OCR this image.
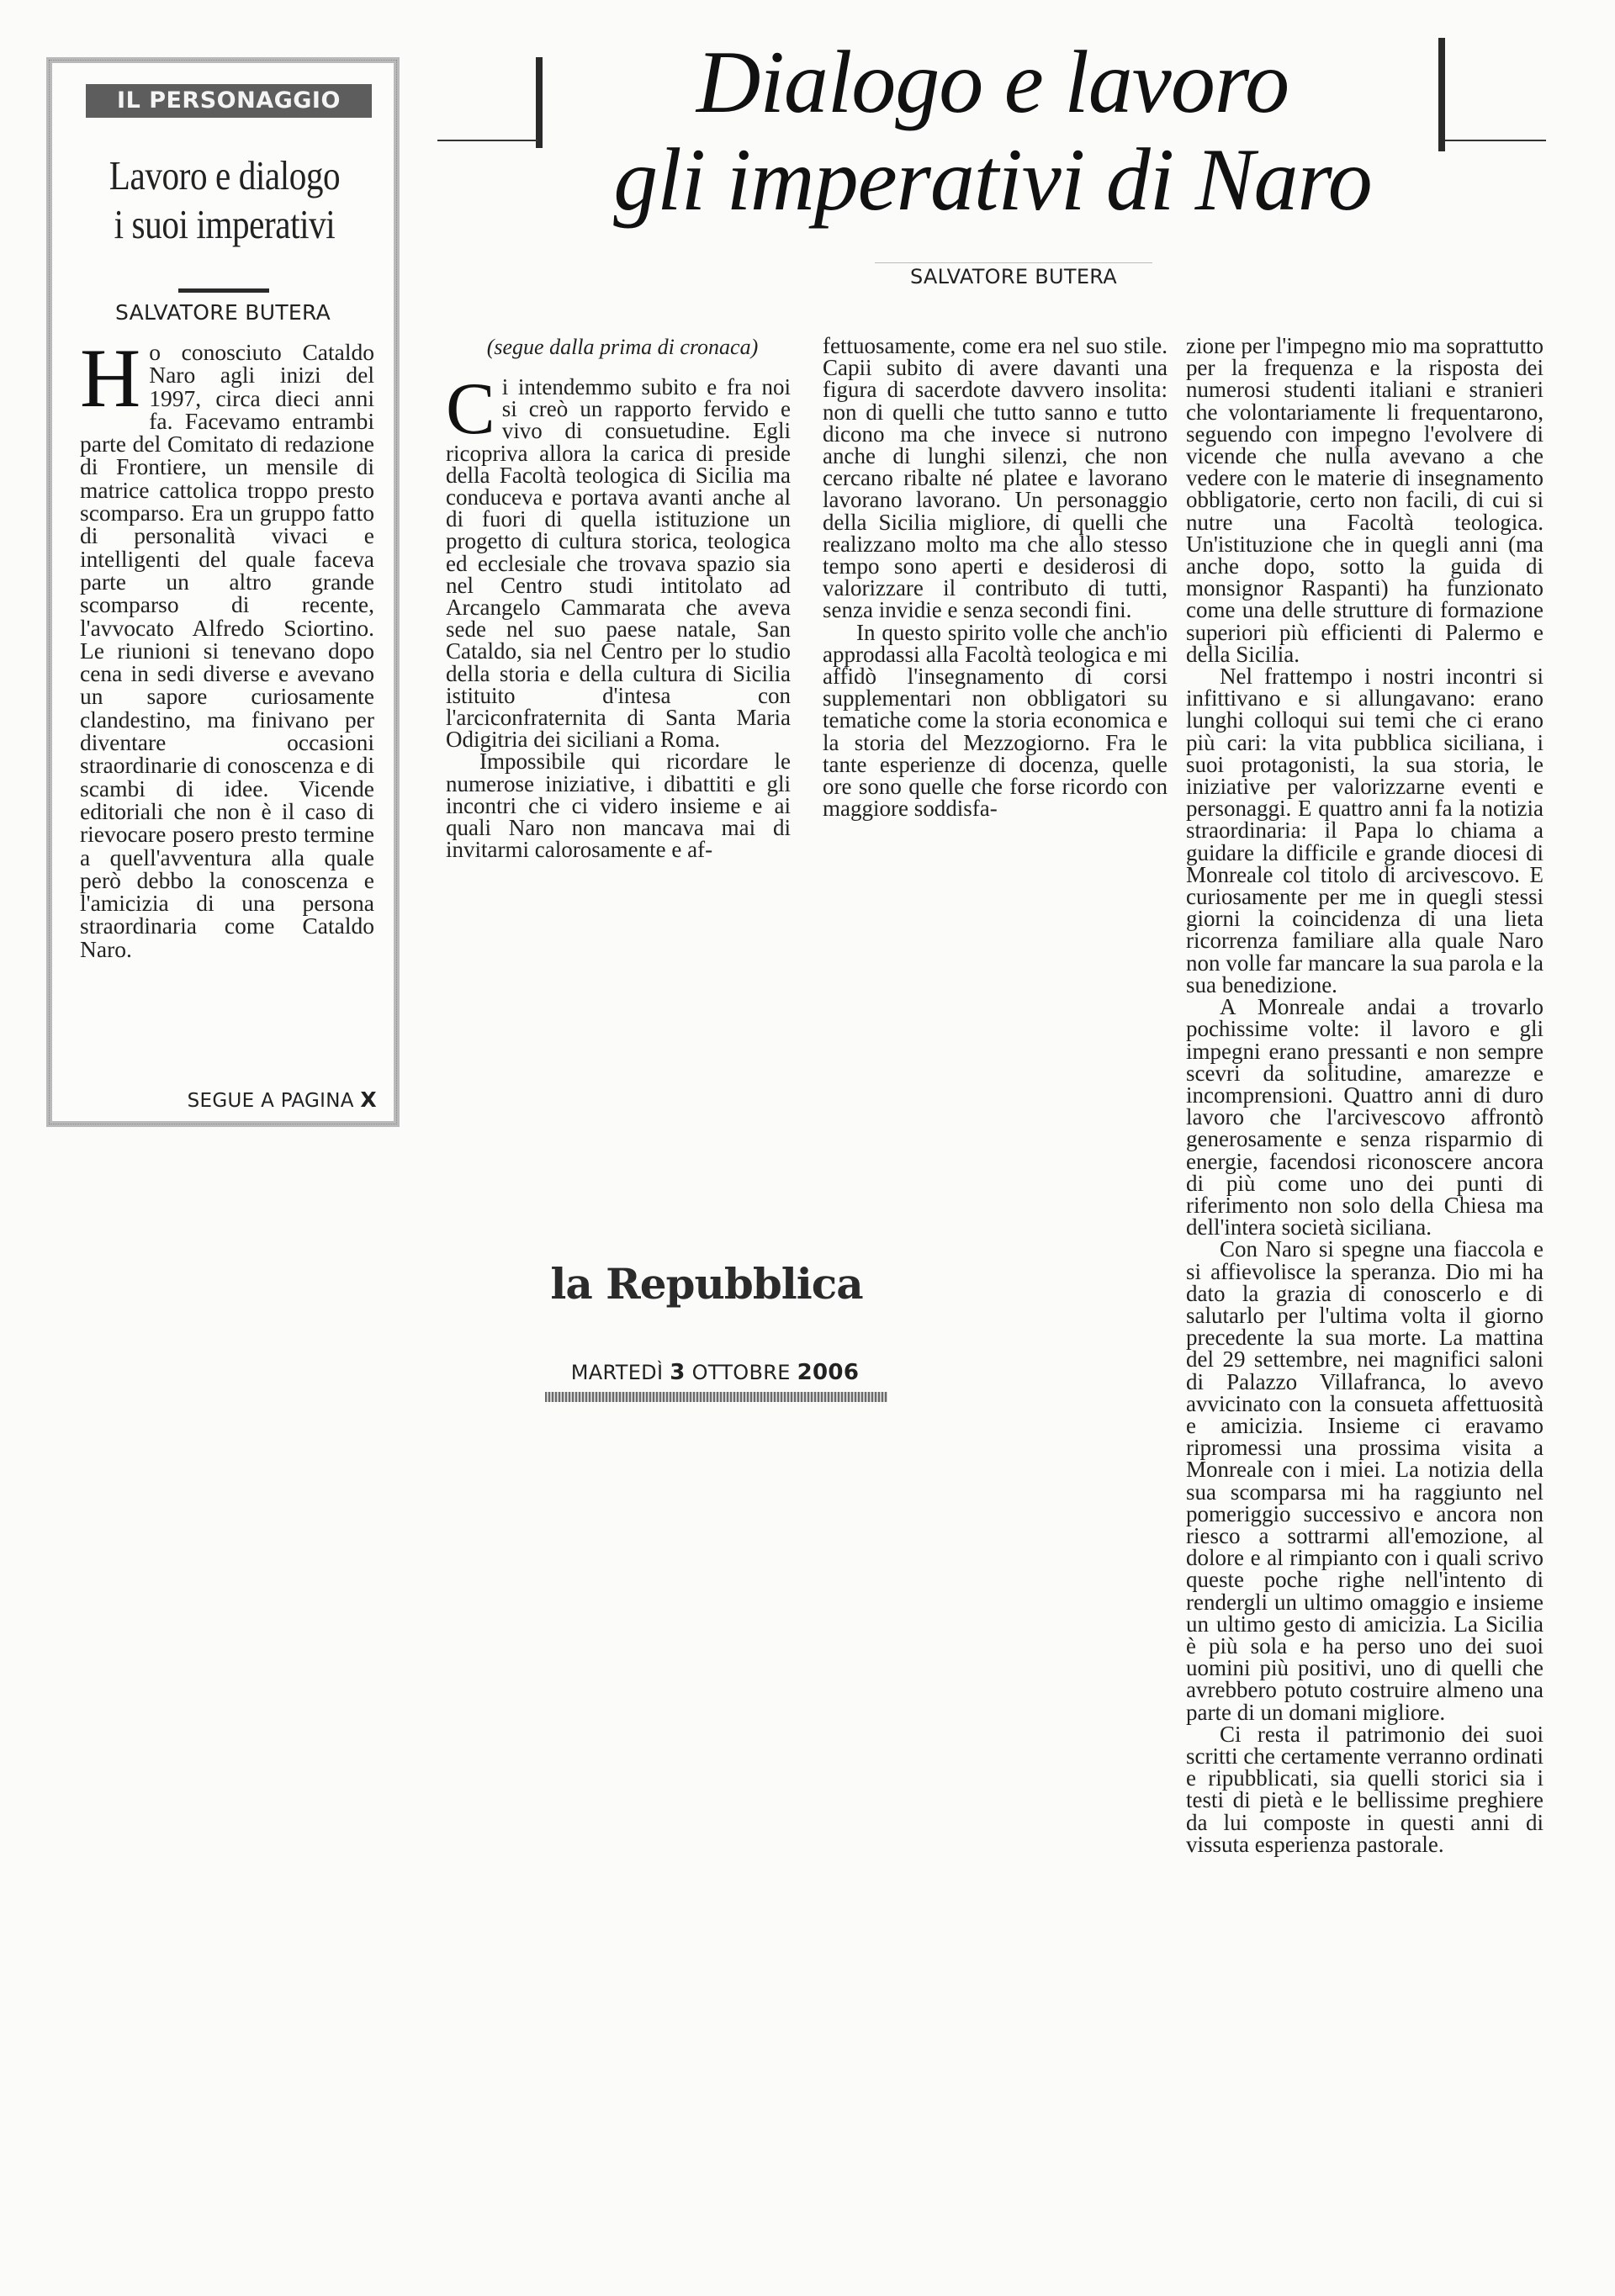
IL PERSONAGGIO
Lavoro e dialogo
i suoi imperativi
SALVATORE BUTERA
Ho conosciuto Cataldo Naro agli inizi del 1997, circa dieci anni fa. Facevamo entrambi parte del Comitato di redazione di Frontiere, un mensile di matrice cattolica troppo presto scomparso. Era un gruppo fatto di personalità vivaci e intelligenti del quale faceva parte un altro grande scomparso di recente, l'avvocato Alfredo Sciortino. Le riunioni si tenevano dopo cena in sedi diverse e avevano un sapore curiosamente clandestino, ma finivano per diventare occasioni straordinarie di conoscenza e di scambi di idee. Vicende editoriali che non è il caso di rievocare posero presto termine a quell'avventura alla quale però debbo la conoscenza e l'amicizia di una persona straordinaria come Cataldo Naro.
SEGUE A PAGINA X
Dialogo e lavoro
gli imperativi di Naro
SALVATORE BUTERA
(segue dalla prima di cronaca)

Ci intendemmo subito e fra noi si creò un rapporto fervido e vivo di consuetudine. Egli ricopriva allora la carica di preside della Facoltà teologica di Sicilia ma conduceva e portava avanti anche al di fuori di quella istituzione un progetto di cultura storica, teologica ed ecclesiale che trovava spazio sia nel Centro studi intitolato ad Arcangelo Cammarata che aveva sede nel suo paese natale, San Cataldo, sia nel Centro per lo studio della storia e della cultura di Sicilia istituito d'intesa con l'arciconfraternita di Santa Maria Odigitria dei siciliani a Roma.

Impossibile qui ricordare le numerose iniziative, i dibattiti e gli incontri che ci videro insieme e ai quali Naro non mancava mai di invitarmi calorosamente e af-

fettuosamente, come era nel suo stile. Capii subito di avere davanti una figura di sacerdote davvero insolita: non di quelli che tutto sanno e tutto dicono ma che invece si nutrono anche di lunghi silenzi, che non cercano ribalte né platee e lavorano lavorano lavorano. Un personaggio della Sicilia migliore, di quelli che realizzano molto ma che allo stesso tempo sono aperti e desiderosi di valorizzare il contributo di tutti, senza invidie e senza secondi fini.

In questo spirito volle che anch'io approdassi alla Facoltà teologica e mi affidò l'insegnamento di corsi supplementari non obbligatori su tematiche come la storia economica e la storia del Mezzogiorno. Fra le tante esperienze di docenza, quelle ore sono quelle che forse ricordo con maggiore soddisfa-

zione per l'impegno mio ma soprattutto per la frequenza e la risposta dei numerosi studenti italiani e stranieri che volontariamente li frequentarono, seguendo con impegno l'evolvere di vicende che nulla avevano a che vedere con le materie di insegnamento obbligatorie, certo non facili, di cui si nutre una Facoltà teologica. Un'istituzione che in quegli anni (ma anche dopo, sotto la guida di monsignor Raspanti) ha funzionato come una delle strutture di formazione superiori più efficienti di Palermo e della Sicilia.

Nel frattempo i nostri incontri si infittivano e si allungavano: erano lunghi colloqui sui temi che ci erano più cari: la vita pubblica siciliana, i suoi protagonisti, la sua storia, le iniziative per valorizzarne eventi e personaggi. E quattro anni fa la notizia straordinaria: il Papa lo chiama a guidare la difficile e grande diocesi di Monreale col titolo di arcivescovo. E curiosamente per me in quegli stessi giorni la coincidenza di una lieta ricorrenza familiare alla quale Naro non volle far mancare la sua parola e la sua benedizione.

A Monreale andai a trovarlo pochissime volte: il lavoro e gli impegni erano pressanti e non sempre scevri da solitudine, amarezze e incomprensioni. Quattro anni di duro lavoro che l'arcivescovo affrontò generosamente e senza risparmio di energie, facendosi riconoscere ancora di più come uno dei punti di riferimento non solo della Chiesa ma dell'intera società siciliana.

Con Naro si spegne una fiaccola e si affievolisce la speranza. Dio mi ha dato la grazia di conoscerlo e di salutarlo per l'ultima volta il giorno precedente la sua morte. La mattina del 29 settembre, nei magnifici saloni di Palazzo Villafranca, lo avevo avvicinato con la consueta affettuosità e amicizia. Insieme ci eravamo ripromessi una prossima visita a Monreale con i miei. La notizia della sua scomparsa mi ha raggiunto nel pomeriggio successivo e ancora non riesco a sottrarmi all'emozione, al dolore e al rimpianto con i quali scrivo queste poche righe nell'intento di rendergli un ultimo omaggio e insieme un ultimo gesto di amicizia. La Sicilia è più sola e ha perso uno dei suoi uomini più positivi, uno di quelli che avrebbero potuto costruire almeno una parte di un domani migliore.

Ci resta il patrimonio dei suoi scritti che certamente verranno ordinati e ripubblicati, sia quelli storici sia i testi di pietà e le bellissime preghiere da lui composte in questi anni di vissuta esperienza pastorale.

la Repubblica
MARTEDÌ 3 OTTOBRE 2006
